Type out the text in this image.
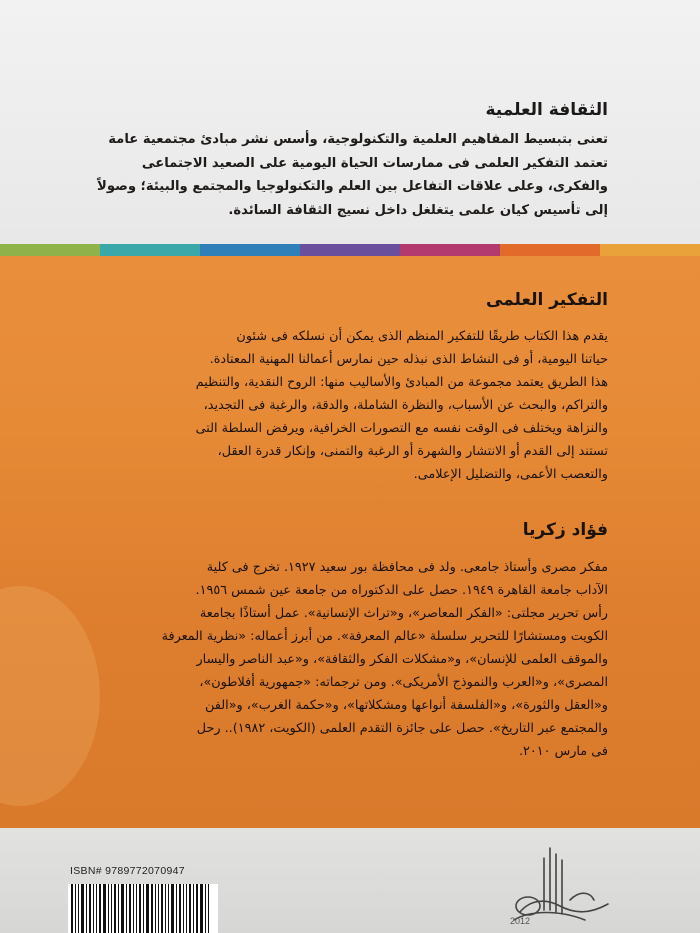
الثقافة العلمية

تعنى بتبسيط المفاهيم العلمية والتكنولوجية، وأسس نشر مبادئ مجتمعية عامة

تعتمد التفكير العلمى فى ممارسات الحياة اليومية على الصعيد الاجتماعى

والفكرى، وعلى علاقات التفاعل بين العلم والتكنولوجيا والمجتمع والبيئة؛ وصولاً

إلى تأسيس كيان علمى يتغلغل داخل نسيج الثقافة السائدة.

التفكير العلمى

يقدم هذا الكتاب طريقًا للتفكير المنظم الذى يمكن أن نسلكه فى شئون

حياتنا اليومية، أو فى النشاط الذى نبذله حين نمارس أعمالنا المهنية المعتادة.

هذا الطريق يعتمد مجموعة من المبادئ والأساليب منها: الروح النقدية، والتنظيم

والتراكم، والبحث عن الأسباب، والنظرة الشاملة، والدقة، والرغبة فى التجديد،

والنزاهة ويختلف فى الوقت نفسه مع التصورات الخرافية، ويرفض السلطة التى

تستند إلى القدم أو الانتشار والشهرة أو الرغبة والتمنى، وإنكار قدرة العقل،

والتعصب الأعمى، والتضليل الإعلامى.

فؤاد زكريا

مفكر مصرى وأستاذ جامعى. ولد فى محافظة بور سعيد ١٩٢٧. تخرج فى كلية

الآداب جامعة القاهرة ١٩٤٩. حصل على الدكتوراه من جامعة عين شمس ١٩٥٦.

رأس تحرير مجلتى: «الفكر المعاصر»، و«تراث الإنسانية». عمل أستاذًا بجامعة

الكويت ومستشارًا للتحرير سلسلة «عالم المعرفة». من أبرز أعماله: «نظرية المعرفة

والموقف العلمى للإنسان»، و«مشكلات الفكر والثقافة»، و«عبد الناصر واليسار

المصرى»، و«العرب والنموذج الأمريكى». ومن ترجماته: «جمهورية أفلاطون»،

و«العقل والثورة»، و«الفلسفة أنواعها ومشكلاتها»، و«حكمة الغرب»، و«الفن

والمجتمع عبر التاريخ». حصل على جائزة التقدم العلمى (الكويت، ١٩٨٢).. رحل

فى مارس ٢٠١٠.

ISBN# 9789772070947
2012
